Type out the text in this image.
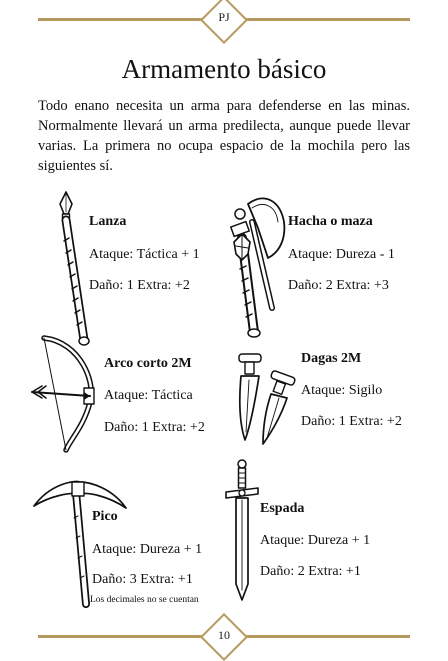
PJ
Armamento básico
Todo enano necesita un arma para defenderse en las minas. Normalmente llevará un arma predilecta, aunque puede llevar varias. La primera no ocupa espacio de la mochila pero las siguientes sí.
Lanza
Ataque: Táctica + 1
Daño: 1 Extra: +2
Hacha o maza
Ataque: Dureza - 1
Daño: 2 Extra: +3
Arco corto 2M
Ataque: Táctica
Daño: 1 Extra: +2
Dagas 2M
Ataque: Sigilo
Daño: 1 Extra: +2
Pico
Ataque: Dureza + 1
Daño: 3 Extra: +1
Espada
Ataque: Dureza + 1
Daño: 2 Extra: +1
Los decimales no se cuentan
10
